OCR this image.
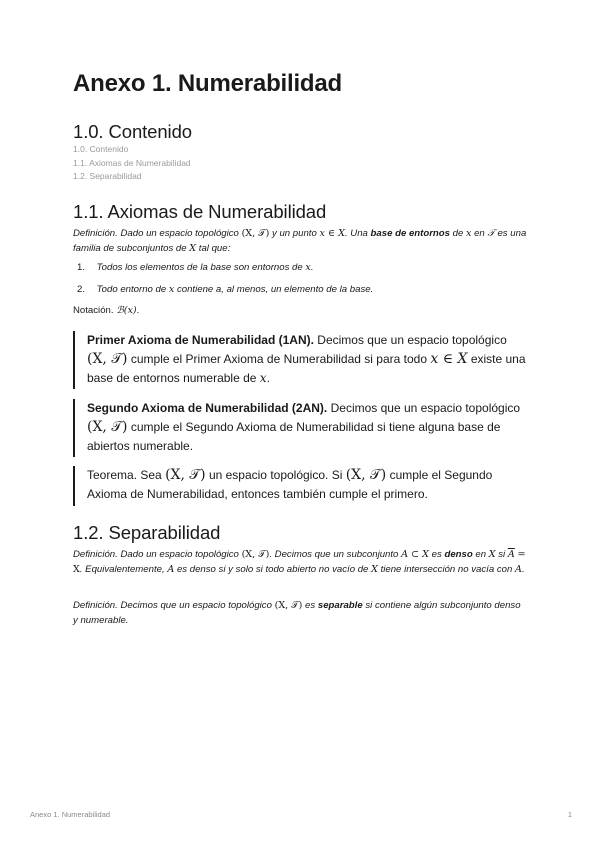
Anexo 1. Numerabilidad
1.0. Contenido
1.0. Contenido
1.1. Axiomas de Numerabilidad
1.2. Separabilidad
1.1. Axiomas de Numerabilidad
Definición. Dado un espacio topológico (X, 𝒯) y un punto x ∈ X. Una base de entornos de x en 𝒯 es una familia de subconjuntos de X tal que:
1. Todos los elementos de la base son entornos de x.
2. Todo entorno de x contiene a, al menos, un elemento de la base.
Notación. ℬ(x).
Primer Axioma de Numerabilidad (1AN). Decimos que un espacio topológico (X, 𝒯) cumple el Primer Axioma de Numerabilidad si para todo x ∈ X existe una base de entornos numerable de x.
Segundo Axioma de Numerabilidad (2AN). Decimos que un espacio topológico (X, 𝒯) cumple el Segundo Axioma de Numerabilidad si tiene alguna base de abiertos numerable.
Teorema. Sea (X, 𝒯) un espacio topológico. Si (X, 𝒯) cumple el Segundo Axioma de Numerabilidad, entonces también cumple el primero.
1.2. Separabilidad
Definición. Dado un espacio topológico (X, 𝒯). Decimos que un subconjunto A ⊂ X es denso en X si $\overline{A} = X$. Equivalentemente, A es denso si y solo si todo abierto no vacío de X tiene intersección no vacía con A.
Definición. Decimos que un espacio topológico (X, 𝒯) es separable si contiene algún subconjunto denso y numerable.
Anexo 1. Numerabilidad	1
